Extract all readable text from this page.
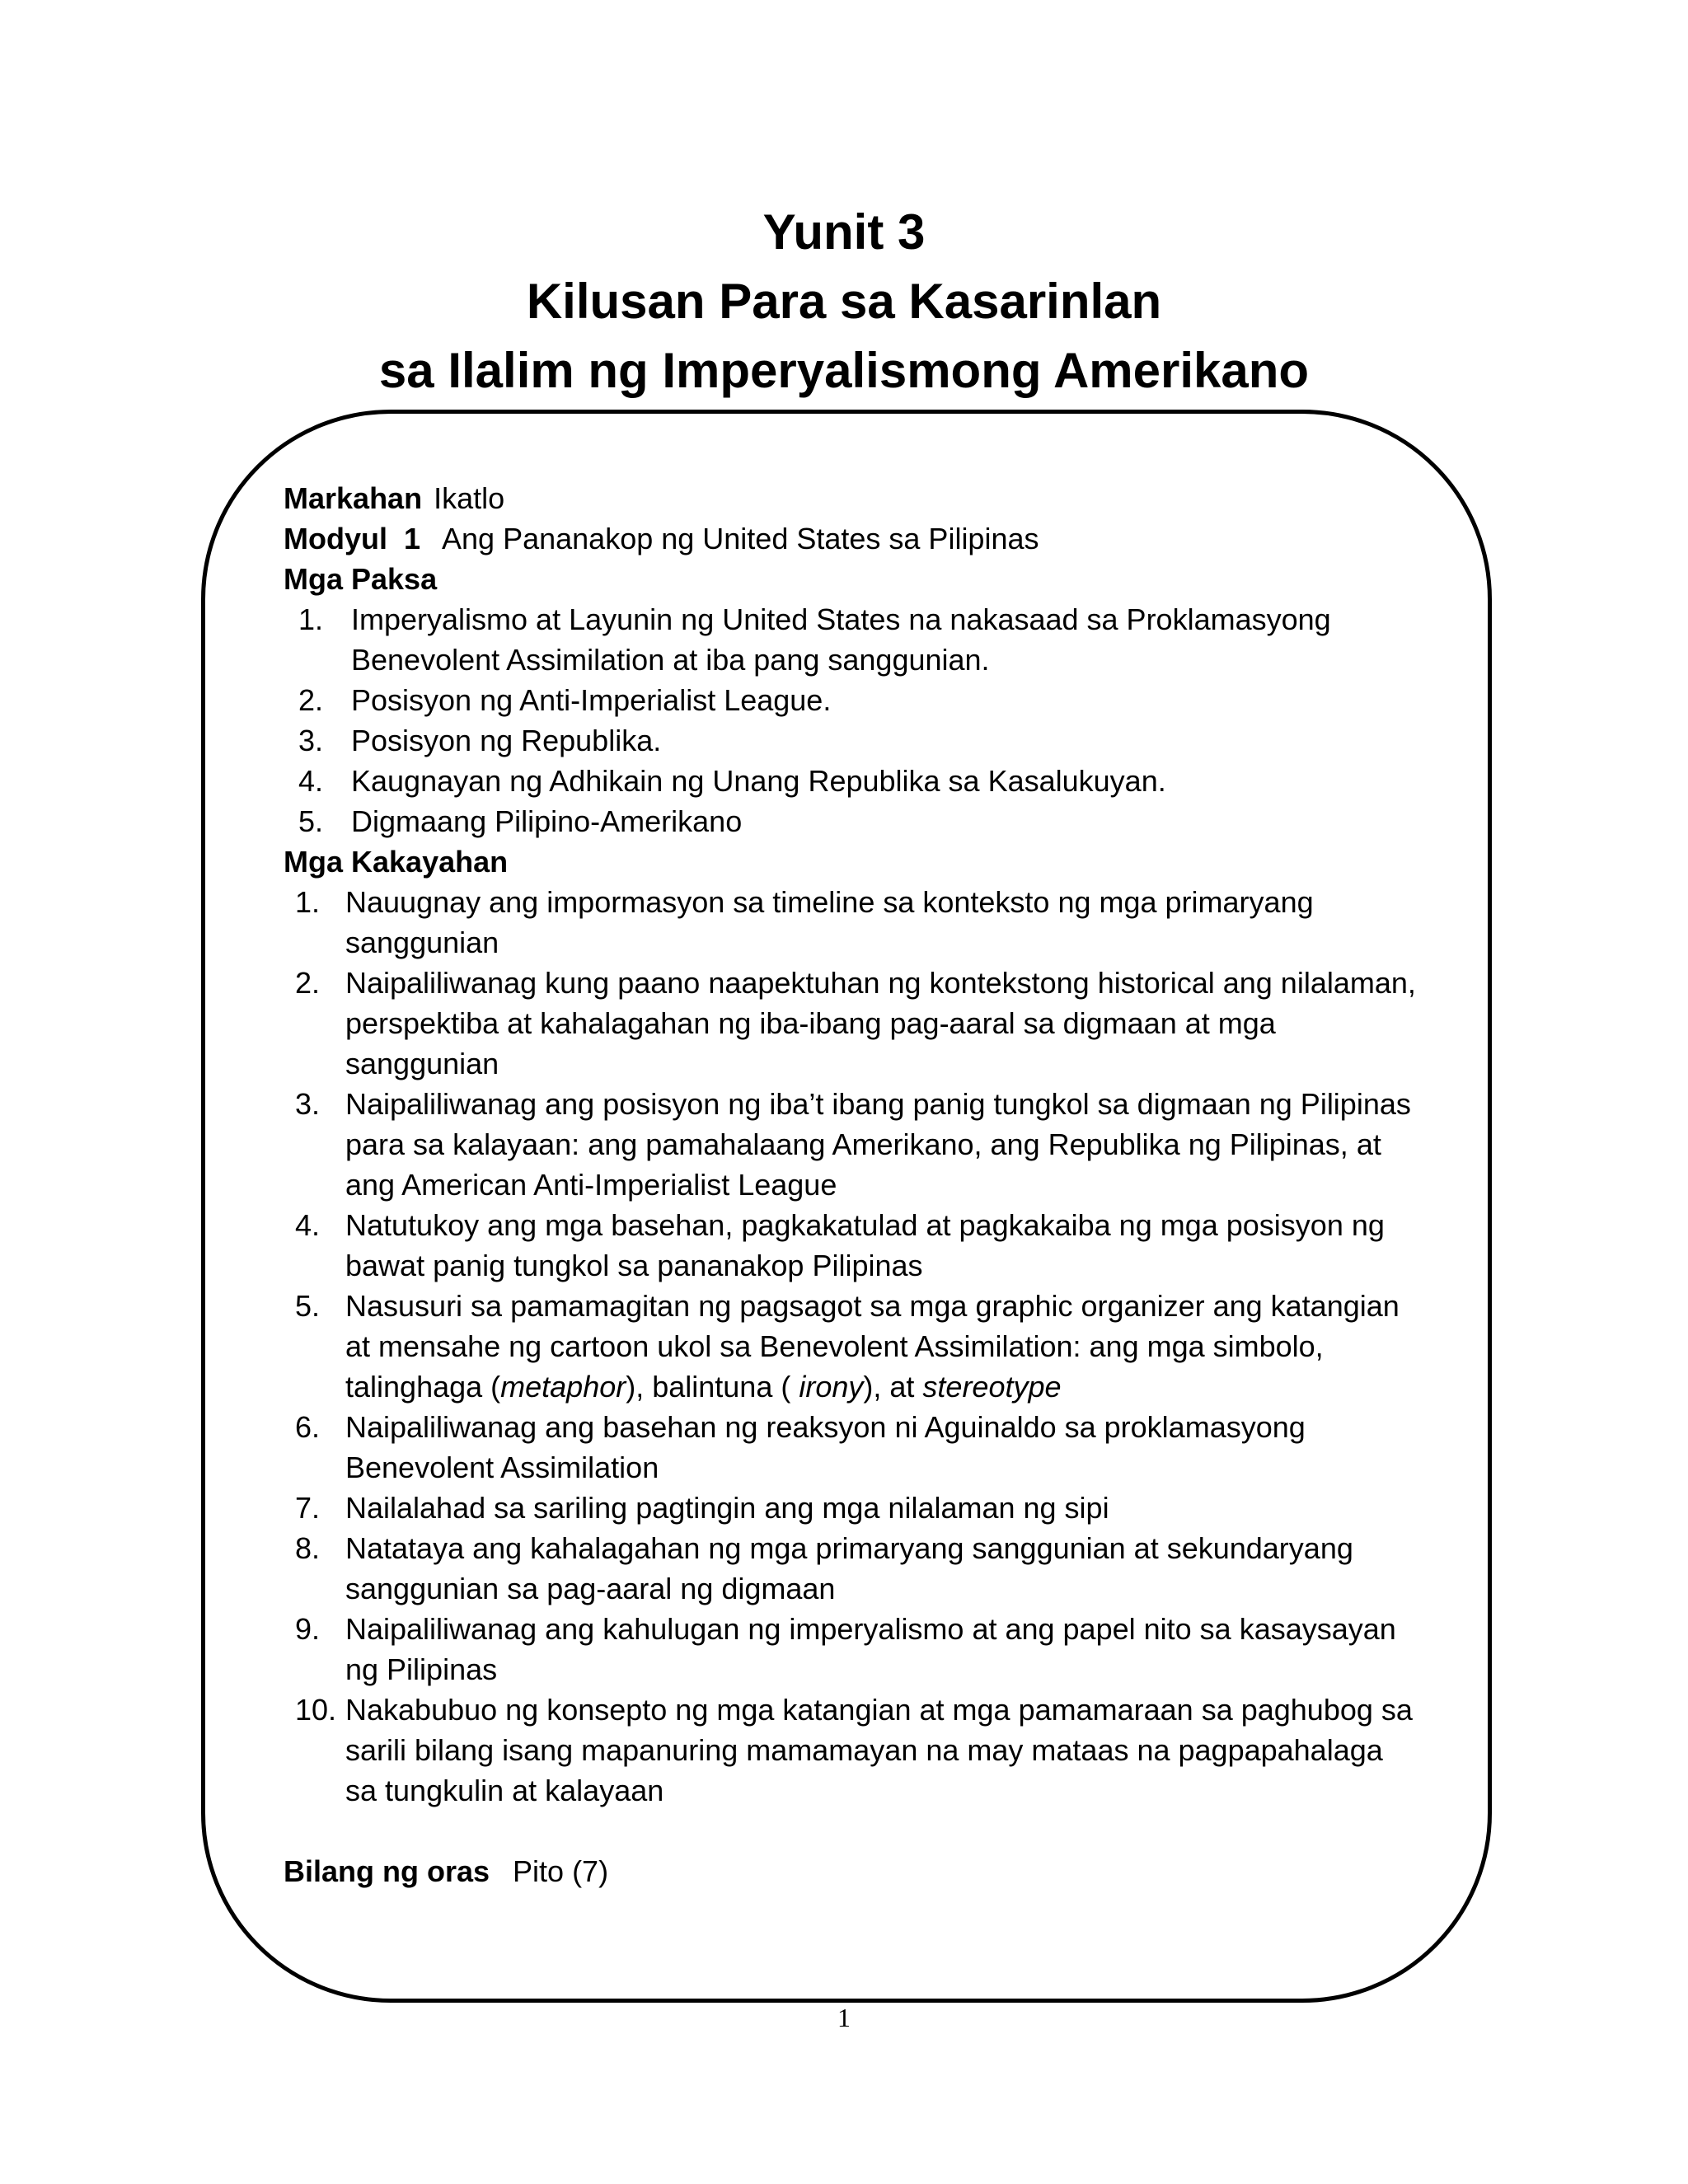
Yunit 3
Kilusan Para sa Kasarinlan
sa Ilalim ng Imperyalismong Amerikano
Markahan Ikatlo
Modyul  1 Ang Pananakop ng United States sa Pilipinas
Mga Paksa
1. Imperyalismo at Layunin ng United States na nakasaad sa Proklamasyong Benevolent Assimilation at iba pang sanggunian.
2. Posisyon ng Anti-Imperialist League.
3. Posisyon ng Republika.
4. Kaugnayan ng Adhikain ng Unang Republika sa Kasalukuyan.
5. Digmaang Pilipino-Amerikano
Mga Kakayahan
1. Nauugnay ang impormasyon sa timeline sa konteksto ng mga primaryang sanggunian
2. Naipaliliwanag kung paano naapektuhan ng kontekstong historical ang nilalaman, perspektiba at kahalagahan ng iba-ibang pag-aaral sa digmaan at mga sanggunian
3. Naipaliliwanag ang posisyon ng iba’t ibang panig tungkol sa digmaan ng Pilipinas para sa kalayaan: ang pamahalaang Amerikano, ang Republika ng Pilipinas, at ang American Anti-Imperialist League
4. Natutukoy ang mga basehan, pagkakatulad at pagkakaiba ng mga posisyon ng bawat panig tungkol sa pananakop Pilipinas
5. Nasusuri sa pamamagitan ng pagsagot sa mga graphic organizer ang katangian at mensahe ng cartoon ukol sa Benevolent Assimilation: ang mga simbolo, talinghaga (metaphor), balintuna ( irony), at stereotype
6. Naipaliliwanag ang basehan ng reaksyon ni Aguinaldo sa proklamasyong Benevolent Assimilation
7. Nailalahad sa sariling pagtingin ang mga nilalaman ng sipi
8. Natataya ang kahalagahan ng mga primaryang sanggunian at sekundaryang sanggunian sa pag-aaral ng digmaan
9. Naipaliliwanag ang kahulugan ng imperyalismo at ang papel nito sa kasaysayan ng Pilipinas
10. Nakabubuo ng konsepto ng mga katangian at mga pamamaraan sa paghubog sa sarili bilang isang mapanuring mamamayan na may mataas na pagpapahalaga sa tungkulin at kalayaan
Bilang ng oras Pito (7)
1
